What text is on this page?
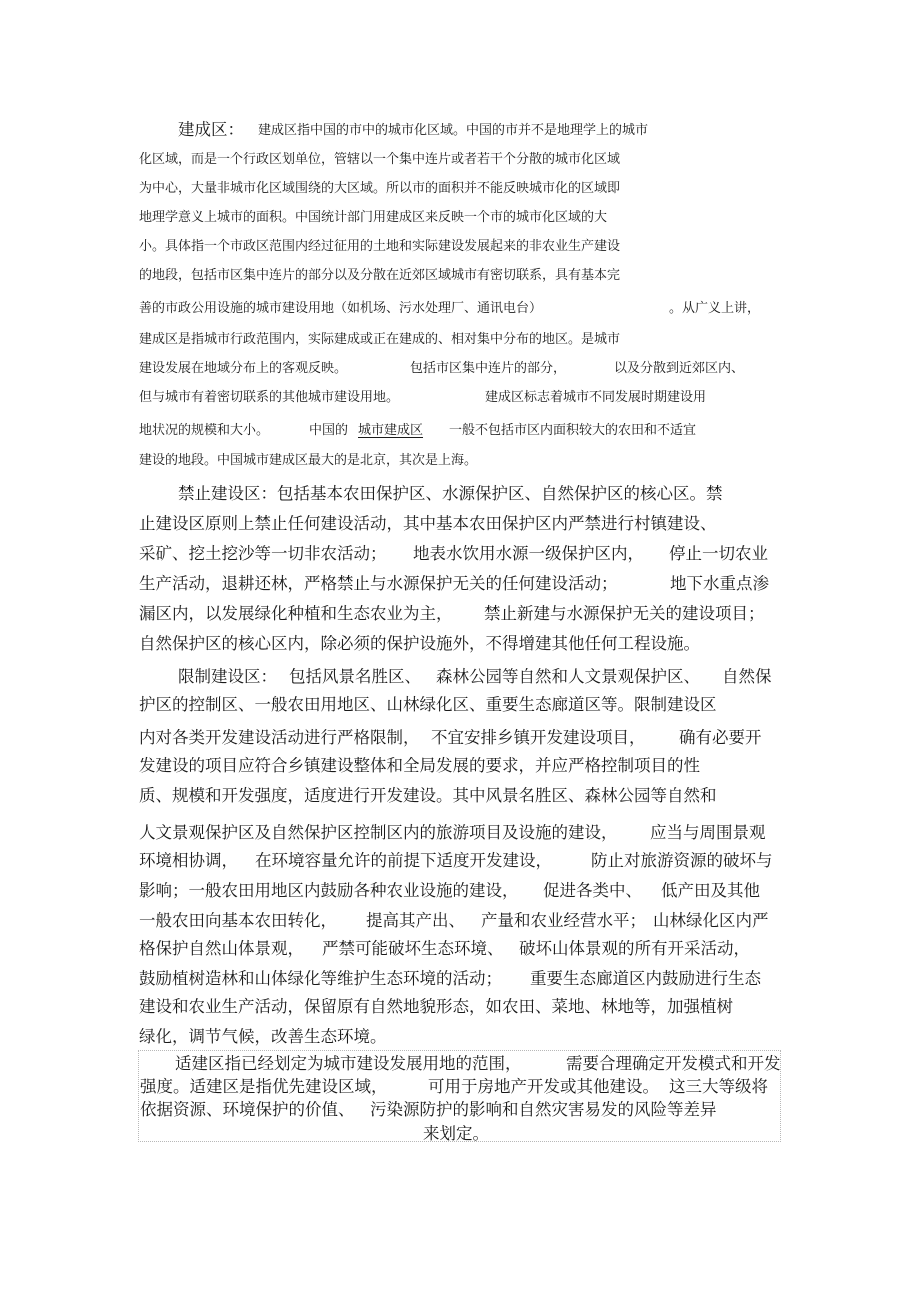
建成区： 建成区指中国的市中的城市化区域。中国的市并不是地理学上的城市
化区域，而是一个行政区划单位，管辖以一个集中连片或者若干个分散的城市化区域
为中心，大量非城市化区域围绕的大区域。所以市的面积并不能反映城市化的区域即
地理学意义上城市的面积。中国统计部门用建成区来反映一个市的城市化区域的大
小。具体指一个市政区范围内经过征用的土地和实际建设发展起来的非农业生产建设
的地段，包括市区集中连片的部分以及分散在近郊区域城市有密切联系，具有基本完
善的市政公用设施的城市建设用地（如机场、污水处理厂、通讯电台）	。从广义上讲，
建成区是指城市行政范围内，实际建成或正在建成的、相对集中分布的地区。是城市
建设发展在地域分布上的客观反映。	包括市区集中连片的部分，	以及分散到近郊区内、
但与城市有着密切联系的其他城市建设用地。	建成区标志着城市不同发展时期建设用
地状况的规模和大小。	中国的 城市建成区	一般不包括市区内面积较大的农田和不适宜
建设的地段。中国城市建成区最大的是北京，其次是上海。
禁止建设区：包括基本农田保护区、水源保护区、自然保护区的核心区。禁
止建设区原则上禁止任何建设活动，其中基本农田保护区内严禁进行村镇建设、
采矿、挖土挖沙等一切非农活动； 地表水饮用水源一级保护区内， 停止一切农业
生产活动，退耕还林，严格禁止与水源保护无关的任何建设活动；	地下水重点渗
漏区内，以发展绿化种植和生态农业为主， 禁止新建与水源保护无关的建设项目；
自然保护区的核心区内，除必须的保护设施外，不得增建其他任何工程设施。
限制建设区： 包括风景名胜区、 森林公园等自然和人文景观保护区、 自然保
护区的控制区、一般农田用地区、山林绿化区、重要生态廊道区等。限制建设区
内对各类开发建设活动进行严格限制， 不宜安排乡镇开发建设项目， 确有必要开
发建设的项目应符合乡镇建设整体和全局发展的要求，并应严格控制项目的性
质、规模和开发强度，适度进行开发建设。其中风景名胜区、森林公园等自然和
人文景观保护区及自然保护区控制区内的旅游项目及设施的建设， 应当与周围景观
环境相协调， 在环境容量允许的前提下适度开发建设， 防止对旅游资源的破坏与
影响；一般农田用地区内鼓励各种农业设施的建设， 促进各类中、 低产田及其他
一般农田向基本农田转化， 提高其产出、 产量和农业经营水平； 山林绿化区内严
格保护自然山体景观， 严禁可能破坏生态环境、 破坏山体景观的所有开采活动，
鼓励植树造林和山体绿化等维护生态环境的活动； 重要生态廊道区内鼓励进行生态
建设和农业生产活动，保留原有自然地貌形态，如农田、菜地、林地等，加强植树
绿化，调节气候，改善生态环境。
适建区指已经划定为城市建设发展用地的范围，	需要合理确定开发模式和开发
强度。适建区是指优先建设区域， 可用于房地产开发或其他建设。 这三大等级将
依据资源、环境保护的价值、 污染源防护的影响和自然灾害易发的风险等差异
来划定。
